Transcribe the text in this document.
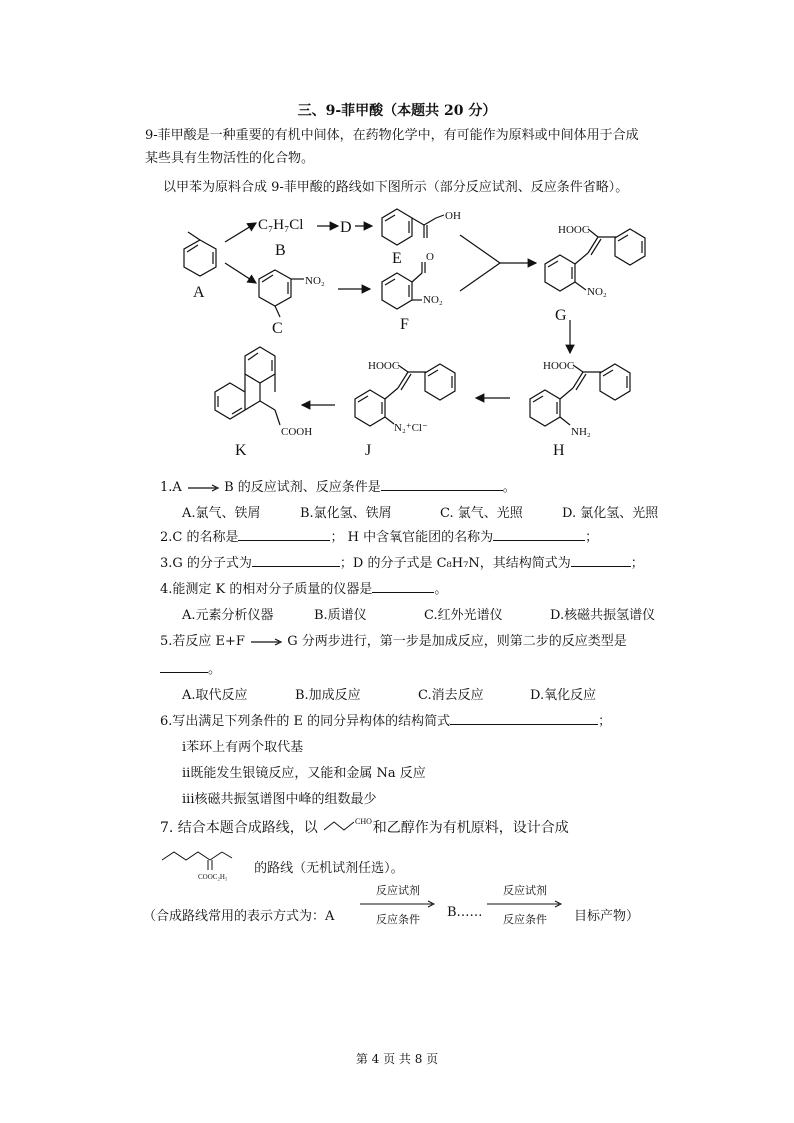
三、9-菲甲酸（本题共 20 分）
9-菲甲酸是一种重要的有机中间体，在药物化学中，有可能作为原料或中间体用于合成
某些具有生物活性的化合物。
以甲苯为原料合成 9-菲甲酸的路线如下图所示（部分反应试剂、反应条件省略）。
A
C₇H₇Cl
B
C
D
E
F
G
H
J
K
NO₂
NO₂
O
OH
HOOC
NO₂
HOOC
NH₂
HOOC
N₂⁺Cl⁻
COOH
1.A → B 的反应试剂、反应条件是	。
A.氯气、铁屑	B.氯化氢、铁屑	C. 氯气、光照	D. 氯化氢、光照
2.C 的名称是	； H 中含氧官能团的名称为	；
3.G 的分子式为	；D 的分子式是 C₈H₇N，其结构简式为	；
4.能测定 K 的相对分子质量的仪器是	。
A.元素分析仪器	B.质谱仪	C.红外光谱仪	D.核磁共振氢谱仪
5.若反应 E+F → G 分两步进行，第一步是加成反应，则第二步的反应类型是
。
A.取代反应	B.加成反应	C.消去反应	D.氧化反应
6.写出满足下列条件的 E 的同分异构体的结构简式	；
i苯环上有两个取代基
ii既能发生银镜反应，又能和金属 Na 反应
iii核磁共振氢谱图中峰的组数最少
7. 结合本题合成路线，以	CHO 和乙醇作为有机原料，设计合成
COOC₂H₅
的路线（无机试剂任选）。
（合成路线常用的表示方式为：A
反应试剂
反应条件	B……
反应试剂
反应条件	目标产物）
第 4 页 共 8 页
